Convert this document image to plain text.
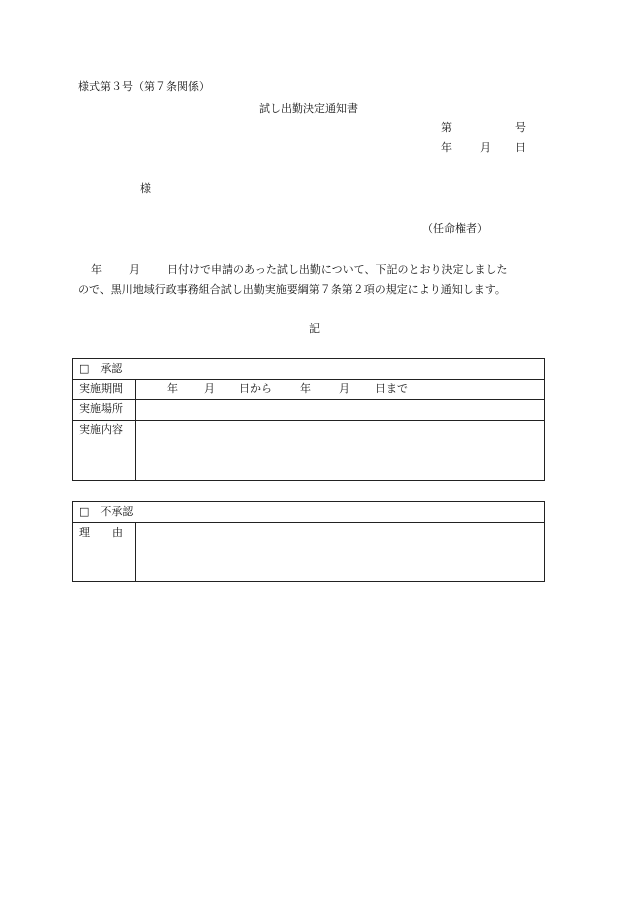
様式第３号（第７条関係）
試し出勤決定通知書
第	号
年	月 日
様
（任命権者）
年 月 日付けで申請のあった試し出勤について、下記のとおり決定しました
ので、黒川地域行政事務組合試し出勤実施要綱第７条第２項の規定により通知します。
記
□　承認
実施期間	年 月 日から	年	月 日まで
実施場所
実施内容
□　不承認
理　　由
